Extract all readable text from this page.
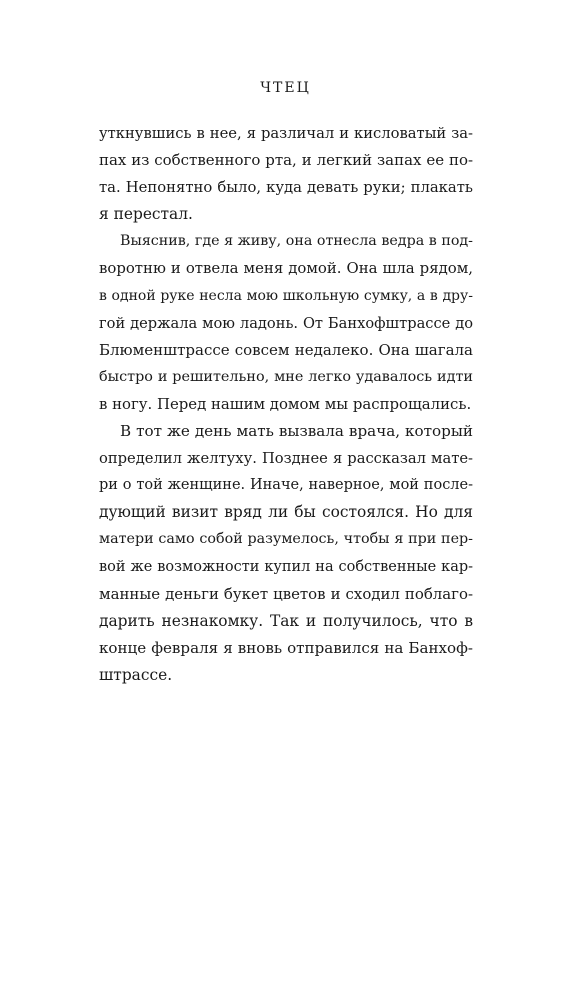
ЧТЕЦ
уткнувшись в нее, я различал и кисловатый за-
пах из собственного рта, и легкий запах ее по-
та. Непонятно было, куда девать руки; плакать
я перестал.
Выяснив, где я живу, она отнесла ведра в под-
воротню и отвела меня домой. Она шла рядом,
в одной руке несла мою школьную сумку, а в дру-
гой держала мою ладонь. От Банхофштрассе до
Блюменштрассе совсем недалеко. Она шагала
быстро и решительно, мне легко удавалось идти
в ногу. Перед нашим домом мы распрощались.
В тот же день мать вызвала врача, который
определил желтуху. Позднее я рассказал мате-
ри о той женщине. Иначе, наверное, мой после-
дующий визит вряд ли бы состоялся. Но для
матери само собой разумелось, чтобы я при пер-
вой же возможности купил на собственные кар-
манные деньги букет цветов и сходил поблаго-
дарить незнакомку. Так и получилось, что в
конце февраля я вновь отправился на Банхоф-
штрассе.
